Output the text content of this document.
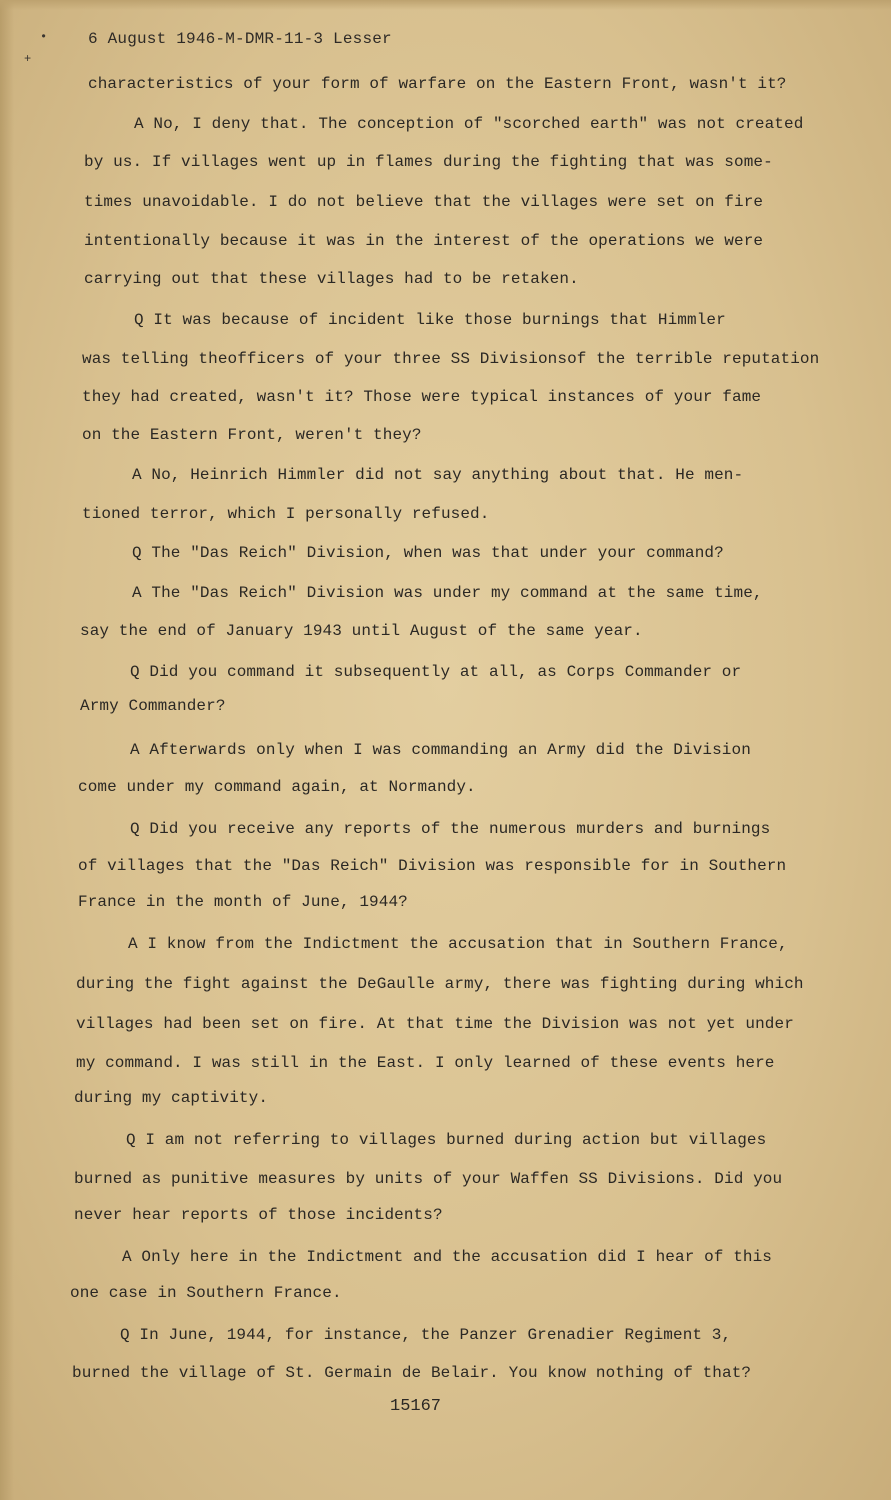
•
+
6 August 1946-M-DMR-11-3 Lesser
characteristics of your form of warfare on the Eastern Front, wasn't it?
A No, I deny that. The conception of "scorched earth" was not created
by us. If villages went up in flames during the fighting that was some-
times unavoidable. I do not believe that the villages were set on fire
intentionally because it was in the interest of the operations we were
carrying out that these villages had to be retaken.
Q It was because of incident like those burnings that Himmler
was telling theofficers of your three SS Divisionsof the terrible reputation
they had created, wasn't it? Those were typical instances of your fame
on the Eastern Front, weren't they?
A No, Heinrich Himmler did not say anything about that. He men-
tioned terror, which I personally refused.
Q The "Das Reich" Division, when was that under your command?
A The "Das Reich" Division was under my command at the same time,
say the end of January 1943 until August of the same year.
Q Did you command it subsequently at all, as Corps Commander or
Army Commander?
A Afterwards only when I was commanding an Army did the Division
come under my command again, at Normandy.
Q Did you receive any reports of the numerous murders and burnings
of villages that the "Das Reich" Division was responsible for in Southern
France in the month of June, 1944?
A I know from the Indictment the accusation that in Southern France,
during the fight against the DeGaulle army, there was fighting during which
villages had been set on fire. At that time the Division was not yet under
my command. I was still in the East. I only learned of these events here
during my captivity.
Q I am not referring to villages burned during action but villages
burned as punitive measures by units of your Waffen SS Divisions. Did you
never hear reports of those incidents?
A Only here in the Indictment and the accusation did I hear of this
one case in Southern France.
Q In June, 1944, for instance, the Panzer Grenadier Regiment 3,
burned the village of St. Germain de Belair. You know nothing of that?
15167
